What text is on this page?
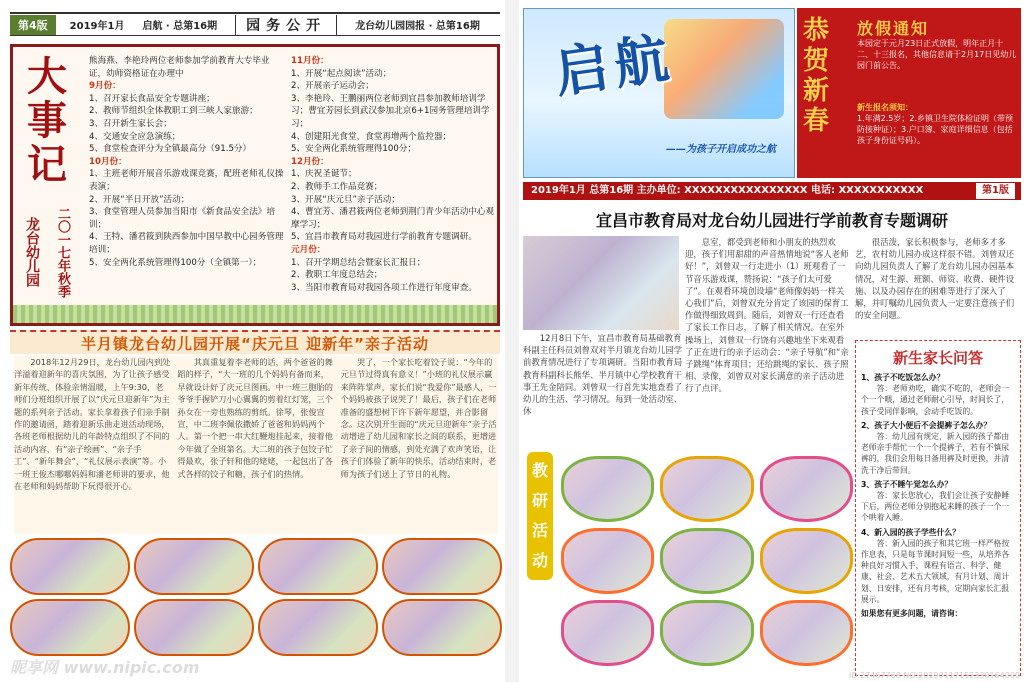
第4版	2019年1月 启航 · 总第16期	园务公开	龙台幼儿园园报 · 总第16期
大事记
龙台幼儿园	二〇一七年秋季
熊海燕、李艳玲两位老师参加学前教育大专毕业证，幼师资格证在办理中
9月份：
1、召开家长食品安全专题讲座；
2、教师节组织全体教职工到三峡人家旅游；
3、召开新生家长会；
4、交通安全应急演练；
5、食堂检查评分为全镇最高分（91.5分）
10月份：
1、主班老师开展音乐游戏课竞赛，配班老师礼仪操表演；
2、开展“半日开放”活动；
3、食堂管理人员参加当阳市《新食品安全法》培训；
4、王特、潘君筱到陕西参加中国早教中心园务管理培训；
5、安全两化系统管理得100分（全镇第一）；
11月份：
1、开展“起点阅读”活动；
2、开展亲子运动会；
3、李艳玲、王鹏丽两位老师到宜昌参加教师培训学习；曹宜芳园长到武汉参加北京6+1园务管理培训学习；
4、创建阳光食堂，食堂再增两个监控器；
5、安全两化系统管理得100分；
12月份：
1、庆祝圣诞节；
2、教师手工作品竞赛；
3、开展“庆元旦”亲子活动；
4、曹宜芳、潘君筱两位老师到荆门青少年活动中心观摩学习；
5、宜昌市教育局对我园进行学前教育专题调研。
元月份：
1、召开学期总结会暨家长汇报日；
2、教职工年度总结会；
3、当阳市教育局对我园各项工作进行年度审查。
半月镇龙台幼儿园开展“庆元旦 迎新年”亲子活动
2018年12月29日，龙台幼儿园内到处洋溢着迎新年的喜庆氛围，为了让孩子感受新年传统、体验亲情温暖，上午9:30，老师们分班组织开展了以“庆元旦迎新年”为主题的系列亲子活动。家长拿着孩子们亲手制作的邀请函，踏着迎新乐曲走进活动现场，各班老师根据幼儿的年龄特点组织了不同的活动内容，有“亲子绘画”、“亲子手工”、“新年舞会”、“礼仪展示表演”等。小一班王俊杰哪哪妈妈和潘老师讲的要求，他在老师和妈妈帮助下玩得很开心。
其真重复着李老师的话，两个爸爸的舞蹈的样子，“大一班的几个妈妈有备而来，早就设计好了庆元旦图画。中一班三胞胎的爷爷手握铲刀小心翼翼的剪着红灯笼，三个孙女在一旁也熟练的剪纸。徐琴，张俊宣宣，中二班李佩依撒娇了爸爸和妈妈两个人。第一个把一串大红鞭炮挂起来，接着他今年做了全班第名。大二班的孩子包饺子忙得最欢，张子轩和他的姥姥，一起包出了各式各样的饺子和糖，孩子们的热情。
哭了，一个家长吃着饺子说：“今年的元旦节过得真有意义！”小班的礼仪展示赢来阵阵掌声，家长们说“我爱你”最感人，一个妈妈被孩子说哭了！最后，孩子们在老师准备的盛想树下许下新年愿望，并合影留念。这次别开生面的“庆元旦迎新年”亲子活动增进了幼儿园和家长之间的联系，更增进了亲子间的情感，到处充满了欢声笑语，让孩子们体验了新年的快乐，活动结束时，老师为孩子们送上了节日的礼物。
昵享网 www.nipic.com
启航
——为孩子开启成功之航
恭贺新春
放假通知
本园定于元月23日正式放假，明年正月十二、十三报名，其他信息请于2月17日见幼儿园门前公告。
新生报名须知：
1.年满2.5岁；2.乡镇卫生院体检证明（带预防接种证）；3.户口簿、家庭详细信息（包括孩子身份证号码）。
2019年1月 总第16期 主办单位: XXXXXXXXXXXXXXXX 电话: XXXXXXXXXXX	第1版
宜昌市教育局对龙台幼儿园进行学前教育专题调研
12月8日下午，宜昌市教育局基础教育科副主任科员刘曾双对半月镇龙台幼儿园学前教育情况进行了专项调研。当阳市教育局教育科副科长熊华、半月镇中心学校教育干事王先金陪同。刘曾双一行首先实地查看了幼儿的生活、学习情况。每到一处活动室、休
息室，都受到老师和小朋友的热烈欢迎，孩子们用甜甜的声音热情地说“客人老师好！”，刘曾双一行走进小（1）班观看了一节音乐游戏课，赞扬说：“孩子们太可爱了”。在观看环境创设墙“老师像妈妈一样关心我们”后，刘曾双充分肯定了该园的保育工作做得细致周到。随后，刘曾双一行还查看了家长工作日志，了解了相关情况。在室外操场上，刘曾双一行饶有兴趣地坐下来观看了正在进行的亲子运动会：“亲子导航”和“亲子跳绳”体育项目；还给跳绳的家长、孩子照相、录像，刘曾双对家长满意的亲子活动进行了点评。
很活泼，家长积极参与，老师多才多艺，农村幼儿园办成这样很不错。刘曾双还向幼儿园负责人了解了龙台幼儿园办园基本情况，对生源、班额、师资、收费、硬件设施、以及办园存在的困难等进行了深入了解，并叮嘱幼儿园负责人一定要注意孩子们的安全问题。
教研活动
新生家长问答
1、孩子不吃饭怎么办？
答：老师劝吃，确实不吃的，老师会一个一个喂，通过老师耐心引导，时间长了，孩子受同伴影响，会动手吃饭的。
2、孩子大小便后不会提裤子怎么办？
答：幼儿园有规定，新入园的孩子都由老师亲手帮忙一个一个提裤子，若有不慎尿裤的，我们会用每日备用裤及时更换，并清洗干净后带回。
3、孩子不睡午觉怎么办？
答：家长您放心，我们会让孩子安静睡下后，两位老师分别抱起来睡的孩子一个一个哄着入睡。
4、新入园的孩子学些什么？
答：新入园的孩子和其它班一样严格按作息表，只是每节课时间短一些，从培养各种良好习惯入手，课程有语言、科学、健康、社会、艺术五大领域，有月计划、周计划、日安排，还有月考核，定期向家长汇报展示。
如果您有更多问题，请咨询：
ID:27467768 NO:20190117152330164000
